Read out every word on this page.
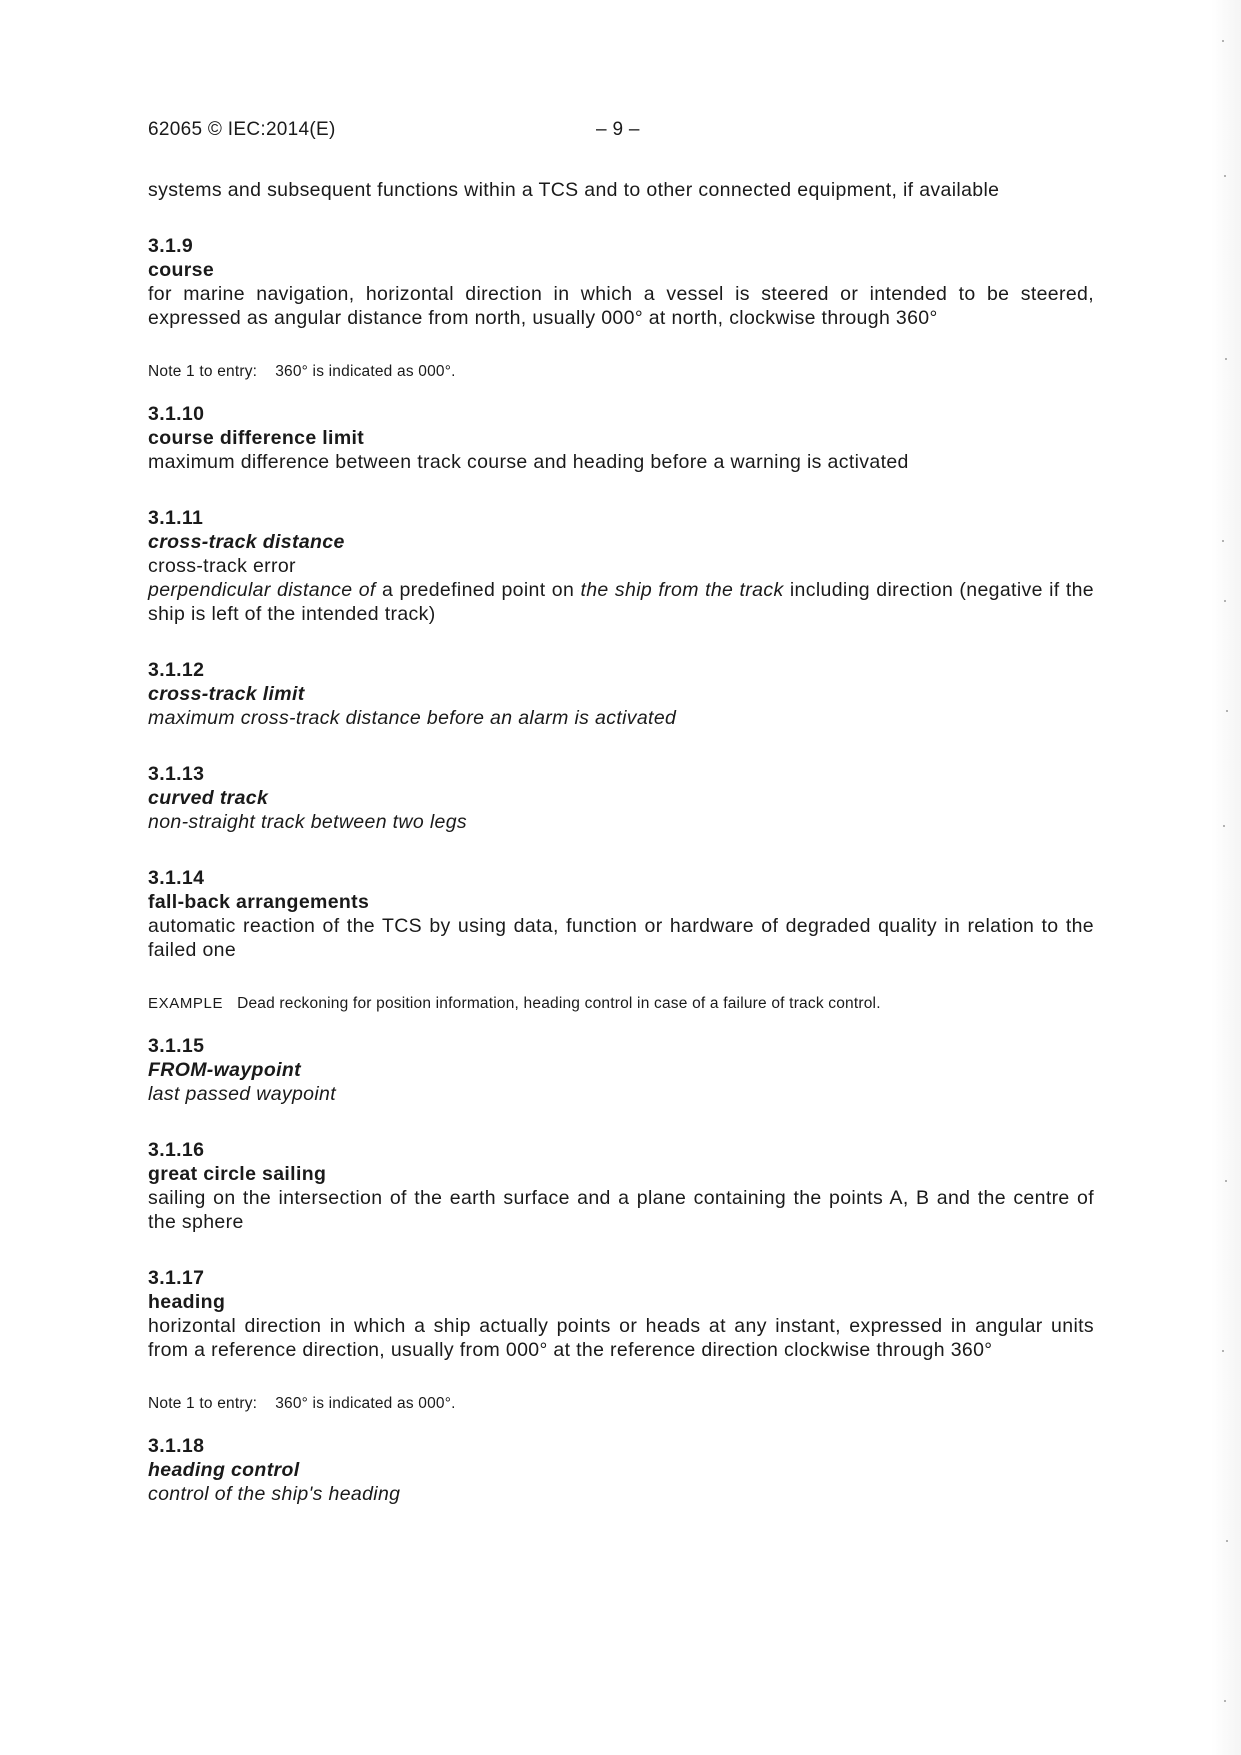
62065 © IEC:2014(E)	– 9 –

systems and subsequent functions within a TCS and to other connected equipment, if available

3.1.9

course

for marine navigation, horizontal direction in which a vessel is steered or intended to be steered, expressed as angular distance from north, usually 000° at north, clockwise through 360°

Note 1 to entry: 360° is indicated as 000°.

3.1.10

course difference limit

maximum difference between track course and heading before a warning is activated

3.1.11

cross-track distance

cross-track error

perpendicular distance of a predefined point on the ship from the track including direction (negative if the ship is left of the intended track)

3.1.12

cross-track limit

maximum cross-track distance before an alarm is activated

3.1.13

curved track

non-straight track between two legs

3.1.14

fall-back arrangements

automatic reaction of the TCS by using data, function or hardware of degraded quality in relation to the failed one

EXAMPLE Dead reckoning for position information, heading control in case of a failure of track control.

3.1.15

FROM-waypoint

last passed waypoint

3.1.16

great circle sailing

sailing on the intersection of the earth surface and a plane containing the points A, B and the centre of the sphere

3.1.17

heading

horizontal direction in which a ship actually points or heads at any instant, expressed in angular units from a reference direction, usually from 000° at the reference direction clockwise through 360°

Note 1 to entry: 360° is indicated as 000°.

3.1.18

heading control

control of the ship's heading
